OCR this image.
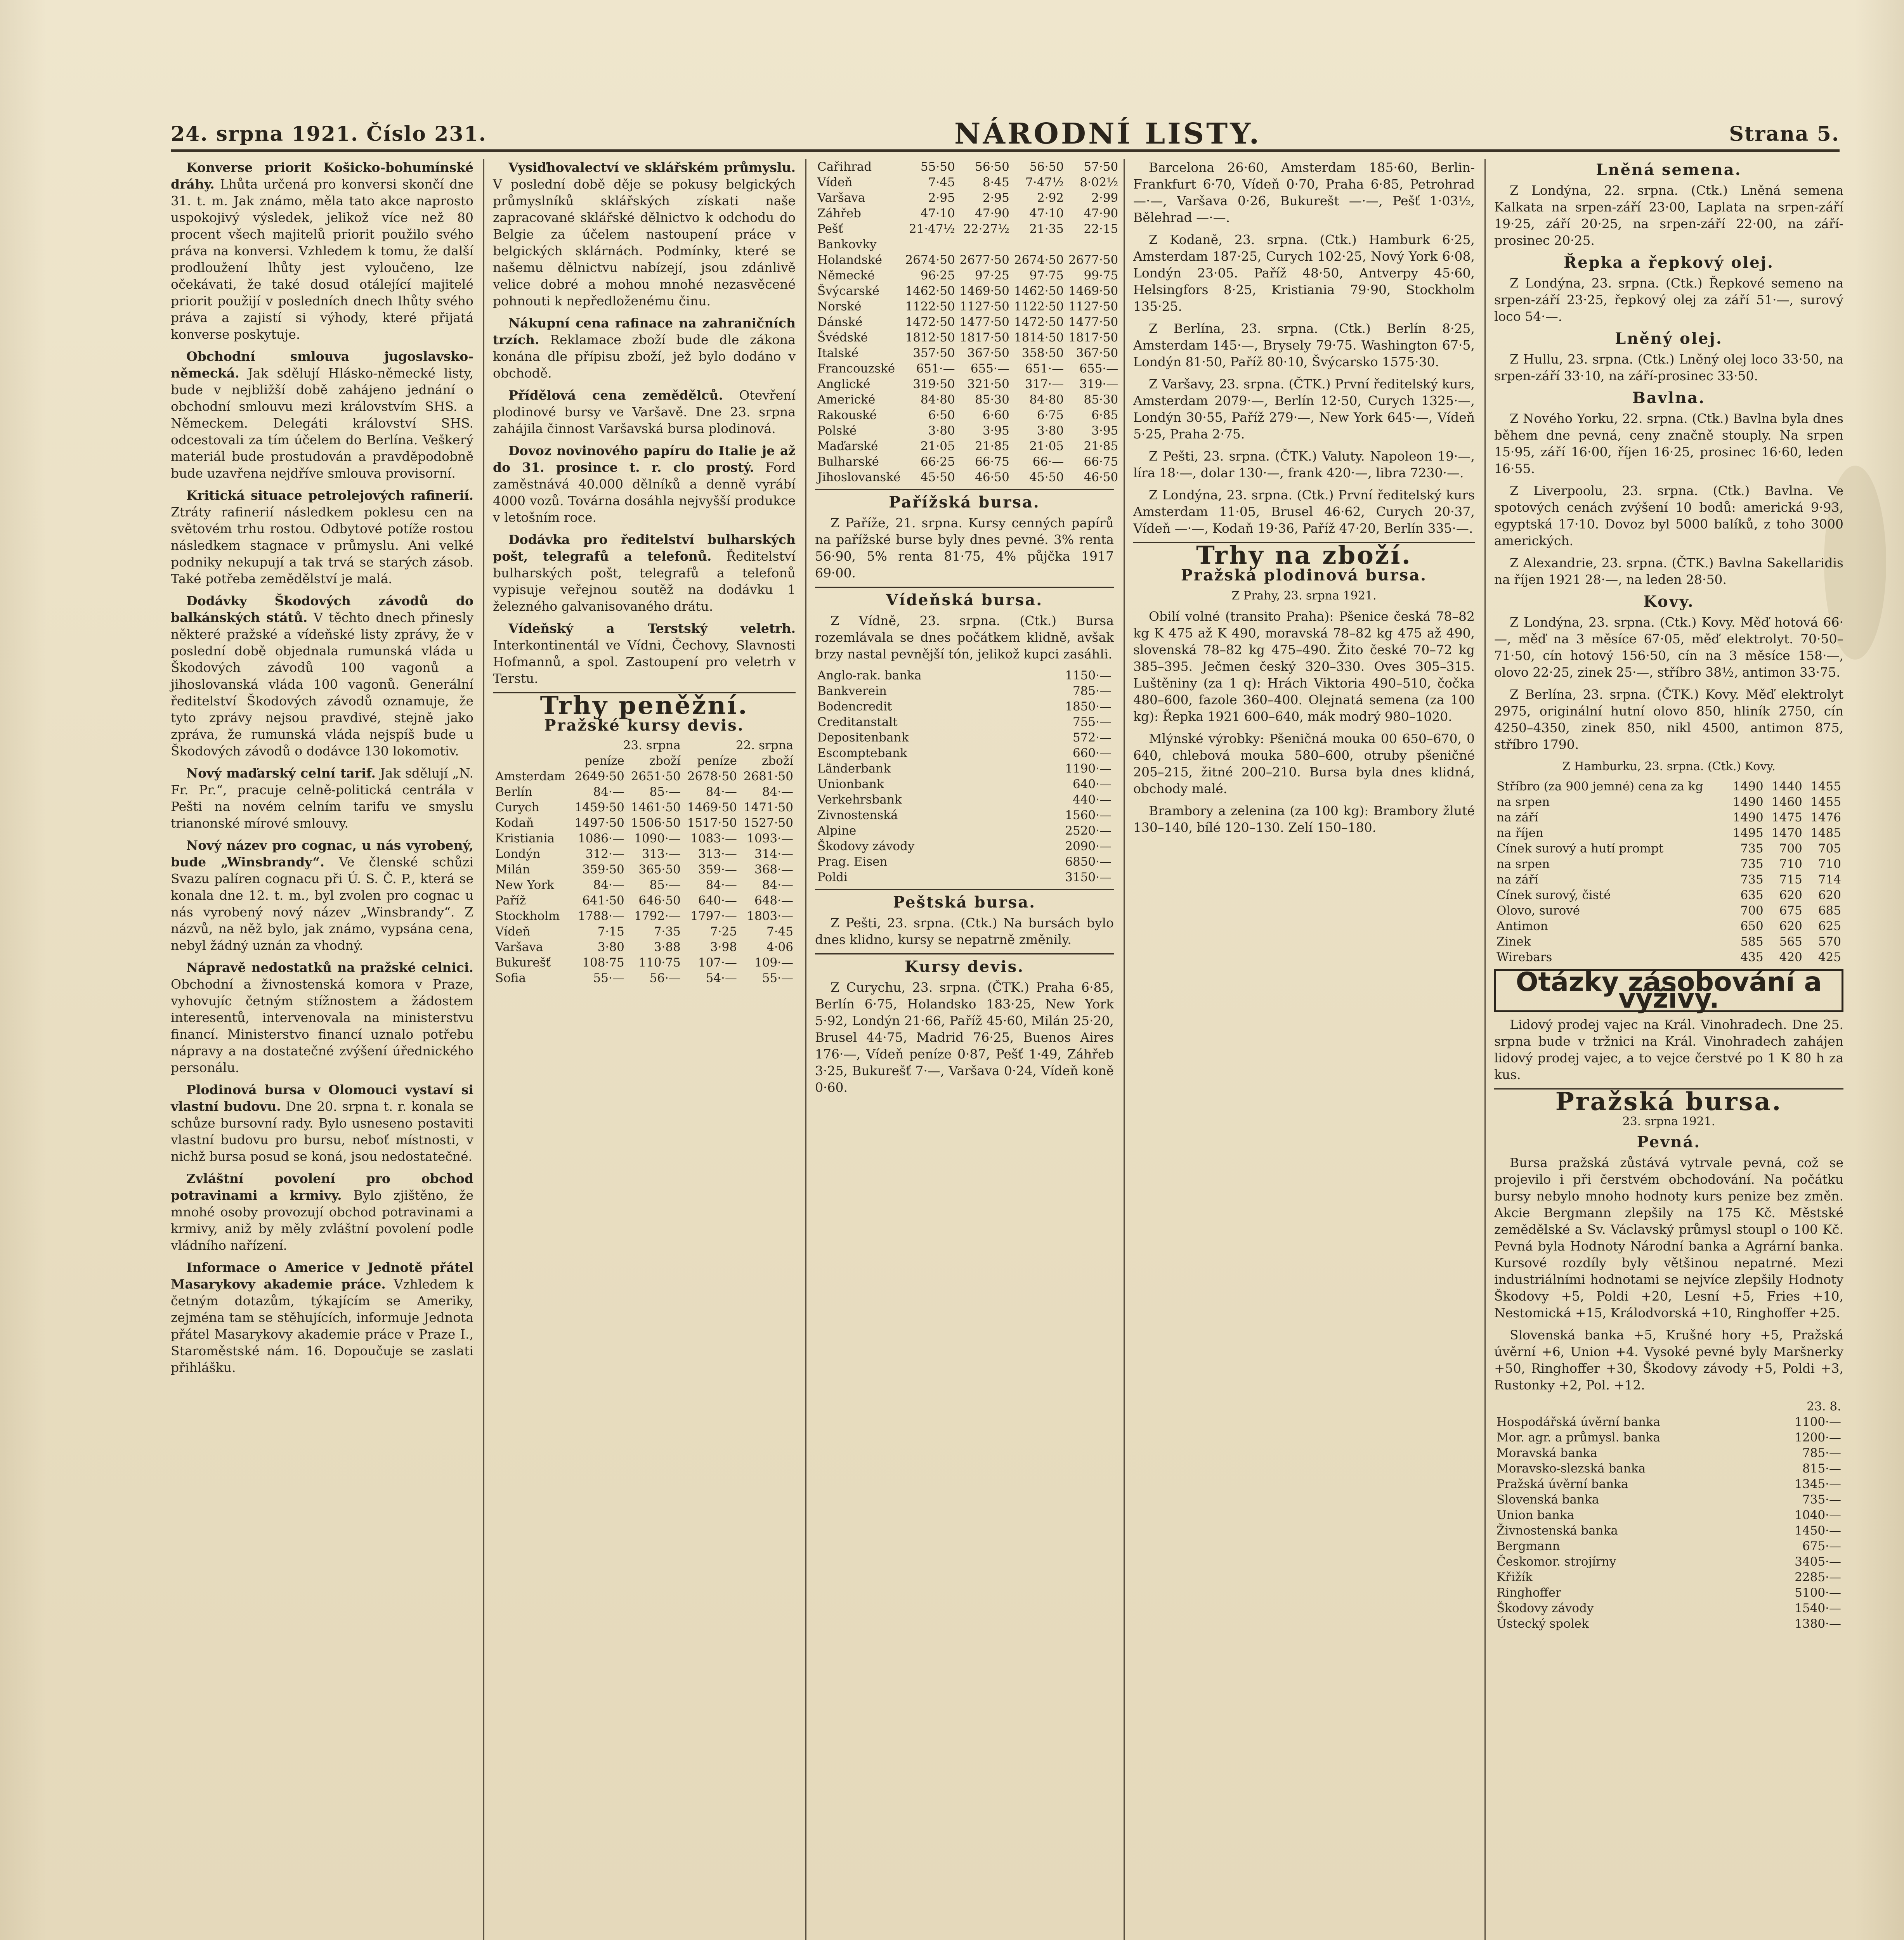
24. srpna 1921. Číslo 231.	NÁRODNÍ LISTY.	Strana 5.

Konverse priorit Košicko-bohumínské dráhy. Lhůta určená pro konversi skončí dne 31. t. m. Jak známo, měla tato akce naprosto uspokojivý výsledek, jelikož více než 80 procent všech majitelů priorit použilo svého práva na konversi. Vzhledem k tomu, že další prodloužení lhůty jest vyloučeno, lze očekávati, že také dosud otálející majitelé priorit použijí v posledních dnech lhůty svého práva a zajistí si výhody, které přijatá konverse poskytuje.

Obchodní smlouva jugoslavsko-německá. Jak sdělují Hlásko-německé listy, bude v nejbližší době zahájeno jednání o obchodní smlouvu mezi královstvím SHS. a Německem. Delegáti království SHS. odcestovali za tím účelem do Berlína. Veškerý materiál bude prostudován a pravděpodobně bude uzavřena nejdříve smlouva provisorní.

Kritická situace petrolejových rafinerií. Ztráty rafinerií následkem poklesu cen na světovém trhu rostou. Odbytové potíže rostou následkem stagnace v průmyslu. Ani velké podniky nekupují a tak trvá se starých zásob. Také potřeba zemědělství je malá.

Dodávky Škodových závodů do balkánských států. V těchto dnech přinesly některé pražské a vídeňské listy zprávy, že v poslední době objednala rumunská vláda u Škodových závodů 100 vagonů a jihoslovanská vláda 100 vagonů. Generální ředitelství Škodových závodů oznamuje, že tyto zprávy nejsou pravdivé, stejně jako zpráva, že rumunská vláda nejspíš bude u Škodových závodů o dodávce 130 lokomotiv.

Nový maďarský celní tarif. Jak sdělují „N. Fr. Pr.“, pracuje celně-politická centrála v Pešti na novém celním tarifu ve smyslu trianonské mírové smlouvy.

Nový název pro cognac, u nás vyrobený, bude „Winsbrandy“. Ve členské schůzi Svazu palíren cognacu při Ú. S. Č. P., která se konala dne 12. t. m., byl zvolen pro cognac u nás vyrobený nový název „Winsbrandy“. Z názvů, na něž bylo, jak známo, vypsána cena, nebyl žádný uznán za vhodný.

Nápravě nedostatků na pražské celnici. Obchodní a živnostenská komora v Praze, vyhovujíc četným stížnostem a žádostem interesentů, intervenovala na ministerstvu financí. Ministerstvo financí uznalo potřebu nápravy a na dostatečné zvýšení úřednického personálu.

Plodinová bursa v Olomouci vystaví si vlastní budovu. Dne 20. srpna t. r. konala se schůze bursovní rady. Bylo usneseno postaviti vlastní budovu pro bursu, neboť místnosti, v nichž bursa posud se koná, jsou nedostatečné.

Zvláštní povolení pro obchod potravinami a krmivy. Bylo zjištěno, že mnohé osoby provozují obchod potravinami a krmivy, aniž by měly zvláštní povolení podle vládního nařízení.

Informace o Americe v Jednotě přátel Masarykovy akademie práce. Vzhledem k četným dotazům, týkajícím se Ameriky, zejména tam se stěhujících, informuje Jednota přátel Masarykovy akademie práce v Praze I., Staroměstské nám. 16. Dopoučuje se zaslati přihlášku.

Vysiďhovalectví ve sklářském průmyslu. V poslední době děje se pokusy belgických průmyslníků sklářských získati naše zapracované sklářské dělnictvo k odchodu do Belgie za účelem nastoupení práce v belgických sklárnách. Podmínky, které se našemu dělnictvu nabízejí, jsou zdánlivě velice dobré a mohou mnohé nezasvěcené pohnouti k nepředloženému činu.

Nákupní cena rafinace na zahraničních trzích. Reklamace zboží bude dle zákona konána dle přípisu zboží, jež bylo dodáno v obchodě.

Přídělová cena zemědělců. Otevření plodinové bursy ve Varšavě. Dne 23. srpna zahájila činnost Varšavská bursa plodinová.

Dovoz novinového papíru do Italie je až do 31. prosince t. r. clo prostý. Ford zaměstnává 40.000 dělníků a denně vyrábí 4000 vozů. Továrna dosáhla nejvyšší produkce v letošním roce.

Dodávka pro ředitelství bulharských pošt, telegrafů a telefonů. Ředitelství bulharských pošt, telegrafů a telefonů vypisuje veřejnou soutěž na dodávku 1 železného galvanisovaného drátu.

Vídeňský a Terstský veletrh. Interkontinentál ve Vídni, Čechovy, Slavnosti Hofmannů, a spol. Zastoupení pro veletrh v Terstu.

Trhy peněžní.
Pražské kursy devis.
	23. srpna		22. srpna	
	peníze	zboží	peníze	zboží
Amsterdam	2649·50	2651·50	2678·50	2681·50
Berlín	84·—	85·—	84·—	84·—
Curych	1459·50	1461·50	1469·50	1471·50
Kodaň	1497·50	1506·50	1517·50	1527·50
Kristiania	1086·—	1090·—	1083·—	1093·—
Londýn	312·—	313·—	313·—	314·—
Milán	359·50	365·50	359·—	368·—
New York	84·—	85·—	84·—	84·—
Paříž	641·50	646·50	640·—	648·—
Stockholm	1788·—	1792·—	1797·—	1803·—
Vídeň	7·15	7·35	7·25	7·45
Varšava	3·80	3·88	3·98	4·06
Bukurešť	108·75	110·75	107·—	109·—
Sofia	55·—	56·—	54·—	55·—
Cařihrad	55·50	56·50	56·50	57·50
Vídeň	7·45	8·45	7·47½	8·02½
Varšava	2·95	2·95	2·92	2·99
Záhřeb	47·10	47·90	47·10	47·90
Pešť	21·47½	22·27½	21·35	22·15
Bankovky				
Holandské	2674·50	2677·50	2674·50	2677·50
Německé	96·25	97·25	97·75	99·75
Švýcarské	1462·50	1469·50	1462·50	1469·50
Norské	1122·50	1127·50	1122·50	1127·50
Dánské	1472·50	1477·50	1472·50	1477·50
Švédské	1812·50	1817·50	1814·50	1817·50
Italské	357·50	367·50	358·50	367·50
Francouzské	651·—	655·—	651·—	655·—
Anglické	319·50	321·50	317·—	319·—
Americké	84·80	85·30	84·80	85·30
Rakouské	6·50	6·60	6·75	6·85
Polské	3·80	3·95	3·80	3·95
Maďarské	21·05	21·85	21·05	21·85
Bulharské	66·25	66·75	66·—	66·75
Jihoslovanské	45·50	46·50	45·50	46·50
Pařížská bursa.

Z Paříže, 21. srpna. Kursy cenných papírů na pařížské burse byly dnes pevné. 3% renta 56·90, 5% renta 81·75, 4% půjčka 1917 69·00.

Vídeňská bursa.

Z Vídně, 23. srpna. (Ctk.) Bursa rozemlávala se dnes počátkem klidně, avšak brzy nastal pevnější tón, jelikož kupci zasáhli.

Anglo-rak. banka	1150·—
Bankverein	785·—
Bodencredit	1850·—
Creditanstalt	755·—
Depositenbank	572·—
Escomptebank	660·—
Länderbank	1190·—
Unionbank	640·—
Verkehrsbank	440·—
Zivnostenská	1560·—
Alpine	2520·—
Škodovy závody	2090·—
Prag. Eisen	6850·—
Poldi	3150·—
Peštská bursa.

Z Pešti, 23. srpna. (Ctk.) Na bursách bylo dnes klidno, kursy se nepatrně změnily.

Kursy devis.

Z Curychu, 23. srpna. (ČTK.) Praha 6·85, Berlín 6·75, Holandsko 183·25, New York 5·92, Londýn 21·66, Paříž 45·60, Milán 25·20, Brusel 44·75, Madrid 76·25, Buenos Aires 176·—, Vídeň peníze 0·87, Pešť 1·49, Záhřeb 3·25, Bukurešť 7·—, Varšava 0·24, Vídeň koně 0·60.

Barcelona 26·60, Amsterdam 185·60, Berlin-Frankfurt 6·70, Vídeň 0·70, Praha 6·85, Petrohrad —·—, Varšava 0·26, Bukurešt —·—, Pešť 1·03½, Bělehrad —·—.

Z Kodaně, 23. srpna. (Ctk.) Hamburk 6·25, Amsterdam 187·25, Curych 102·25, Nový York 6·08, Londýn 23·05. Paříž 48·50, Antverpy 45·60, Helsingfors 8·25, Kristiania 79·90, Stockholm 135·25.

Z Berlína, 23. srpna. (Ctk.) Berlín 8·25, Amsterdam 145·—, Brysely 79·75. Washington 67·5, Londýn 81·50, Paříž 80·10, Švýcarsko 1575·30.

Z Varšavy, 23. srpna. (ČTK.) První ředitelský kurs, Amsterdam 2079·—, Berlín 12·50, Curych 1325·—, Londýn 30·55, Paříž 279·—, New York 645·—, Vídeň 5·25, Praha 2·75.

Z Pešti, 23. srpna. (ČTK.) Valuty. Napoleon 19·—, líra 18·—, dolar 130·—, frank 420·—, libra 7230·—.

Z Londýna, 23. srpna. (Ctk.) První ředitelský kurs Amsterdam 11·05, Brusel 46·62, Curych 20·37, Vídeň —·—, Kodaň 19·36, Paříž 47·20, Berlín 335·—.

Trhy na zboží.
Pražská plodinová bursa.
Z Prahy, 23. srpna 1921.

Obilí volné (transito Praha): Pšenice česká 78–82 kg K 475 až K 490, moravská 78–82 kg 475 až 490, slovenská 78–82 kg 475–490. Žito české 70–72 kg 385–395. Ječmen český 320–330. Oves 305–315. Luštěniny (za 1 q): Hrách Viktoria 490–510, čočka 480–600, fazole 360–400. Olejnatá semena (za 100 kg): Řepka 1921 600–640, mák modrý 980–1020.

Mlýnské výrobky: Pšeničná mouka 00 650–670, 0 640, chlebová mouka 580–600, otruby pšeničné 205–215, žitné 200–210. Bursa byla dnes klidná, obchody malé.

Brambory a zelenina (za 100 kg): Brambory žluté 130–140, bílé 120–130. Zelí 150–180.

Lněná semena.

Z Londýna, 22. srpna. (Ctk.) Lněná semena Kalkata na srpen-září 23·00, Laplata na srpen-září 19·25, září 20·25, na srpen-září 22·00, na září-prosinec 20·25.

Řepka a řepkový olej.

Z Londýna, 23. srpna. (Ctk.) Řepkové semeno na srpen-září 23·25, řepkový olej za září 51·—, surový loco 54·—.

Lněný olej.

Z Hullu, 23. srpna. (Ctk.) Lněný olej loco 33·50, na srpen-září 33·10, na září-prosinec 33·50.

Bavlna.

Z Nového Yorku, 22. srpna. (Ctk.) Bavlna byla dnes během dne pevná, ceny značně stouply. Na srpen 15·95, září 16·00, říjen 16·25, prosinec 16·60, leden 16·55.

Z Liverpoolu, 23. srpna. (Ctk.) Bavlna. Ve spotových cenách zvýšení 10 bodů: americká 9·93, egyptská 17·10. Dovoz byl 5000 balíků, z toho 3000 amerických.

Z Alexandrie, 23. srpna. (ČTK.) Bavlna Sakellaridis na říjen 1921 28·—, na leden 28·50.

Kovy.

Z Londýna, 23. srpna. (Ctk.) Kovy. Měď hotová 66·—, měď na 3 měsíce 67·05, měď elektrolyt. 70·50–71·50, cín hotový 156·50, cín na 3 měsíce 158·—, olovo 22·25, zinek 25·—, stříbro 38½, antimon 33·75.

Z Berlína, 23. srpna. (ČTK.) Kovy. Měď elektrolyt 2975, originální hutní olovo 850, hliník 2750, cín 4250–4350, zinek 850, nikl 4500, antimon 875, stříbro 1790.

Z Hamburku, 23. srpna. (Ctk.) Kovy.
Stříbro (za 900 jemné) cena za kg	1490	1440	1455
na srpen	1490	1460	1455
na září	1490	1475	1476
na říjen	1495	1470	1485
Cínek surový a hutí prompt	735	700	705
na srpen	735	710	710
na září	735	715	714
Cínek surový, čisté	635	620	620
Olovo, surové	700	675	685
Antimon	650	620	625
Zinek	585	565	570
Wirebars	435	420	425
Otázky zásobování a výživy.

Lidový prodej vajec na Král. Vinohradech. Dne 25. srpna bude v tržnici na Král. Vinohradech zahájen lidový prodej vajec, a to vejce čerstvé po 1 K 80 h za kus.

Pražská bursa.
23. srpna 1921.
Pevná.

Bursa pražská zůstává vytrvale pevná, což se projevilo i při čerstvém obchodování. Na počátku bursy nebylo mnoho hodnoty kurs penize bez změn. Akcie Bergmann zlepšily na 175 Kč. Městské zemědělské a Sv. Václavský průmysl stoupl o 100 Kč. Pevná byla Hodnoty Národní banka a Agrární banka. Kursové rozdíly byly většinou nepatrné. Mezi industriálními hodnotami se nejvíce zlepšily Hodnoty Škodovy +5, Poldi +20, Lesní +5, Fries +10, Nestomická +15, Králodvorská +10, Ringhoffer +25.

Slovenská banka +5, Krušné hory +5, Pražská úvěrní +6, Union +4. Vysoké pevné byly Maršnerky +50, Ringhoffer +30, Škodovy závody +5, Poldi +3, Rustonky +2, Pol. +12.

	23. 8.
Hospodářská úvěrní banka	1100·—
Mor. agr. a průmysl. banka	1200·—
Moravská banka	785·—
Moravsko-slezská banka	815·—
Pražská úvěrní banka	1345·—
Slovenská banka	735·—
Union banka	1040·—
Živnostenská banka	1450·—
Bergmann	675·—
Českomor. strojírny	3405·—
Křižík	2285·—
Ringhoffer	5100·—
Škodovy závody	1540·—
Ústecký spolek	1380·—
